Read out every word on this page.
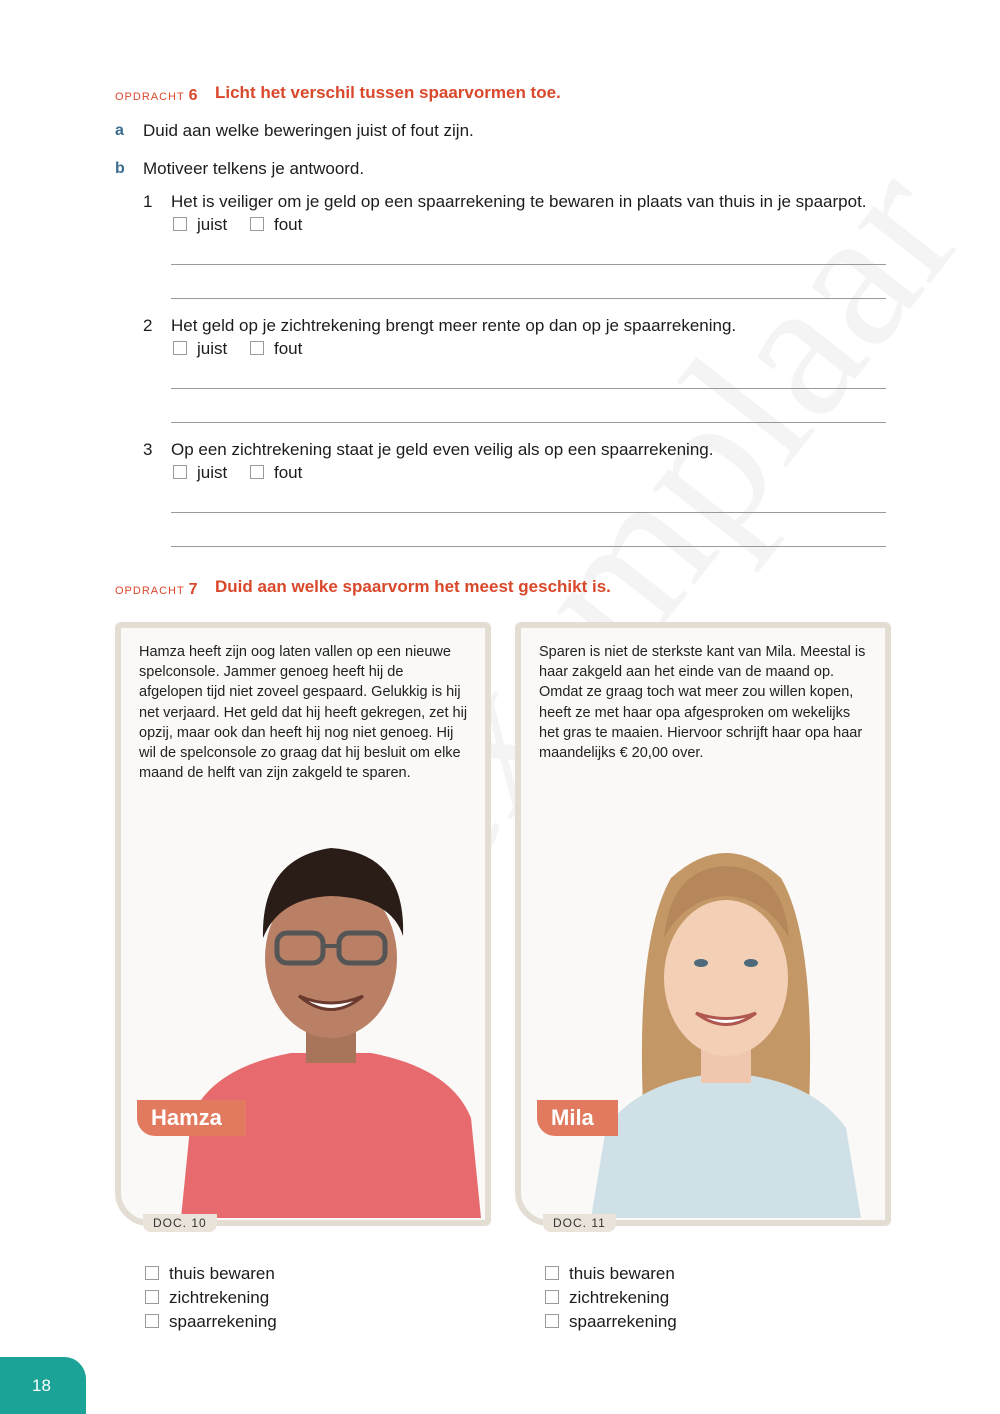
OPDRACHT 6 Licht het verschil tussen spaarvormen toe.
a Duid aan welke beweringen juist of fout zijn.
b Motiveer telkens je antwoord.
1 Het is veiliger om je geld op een spaarrekening te bewaren in plaats van thuis in je spaarpot.
juist	fout
2 Het geld op je zichtrekening brengt meer rente op dan op je spaarrekening.
juist	fout
3 Op een zichtrekening staat je geld even veilig als op een spaarrekening.
juist	fout
OPDRACHT 7 Duid aan welke spaarvorm het meest geschikt is.
Hamza heeft zijn oog laten vallen op een nieuwe spelconsole. Jammer genoeg heeft hij de afgelopen tijd niet zoveel gespaard. Gelukkig is hij net verjaard. Het geld dat hij heeft gekregen, zet hij opzij, maar ook dan heeft hij nog niet genoeg. Hij wil de spelconsole zo graag dat hij besluit om elke maand de helft van zijn zakgeld te sparen.
Hamza
DOC. 10
Sparen is niet de sterkste kant van Mila. Meestal is haar zakgeld aan het einde van de maand op. Omdat ze graag toch wat meer zou willen kopen, heeft ze met haar opa afgesproken om wekelijks het gras te maaien. Hiervoor schrijft haar opa haar maandelijks € 20,00 over.
Mila
DOC. 11
thuis bewaren
zichtrekening
spaarrekening
thuis bewaren
zichtrekening
spaarrekening
18
